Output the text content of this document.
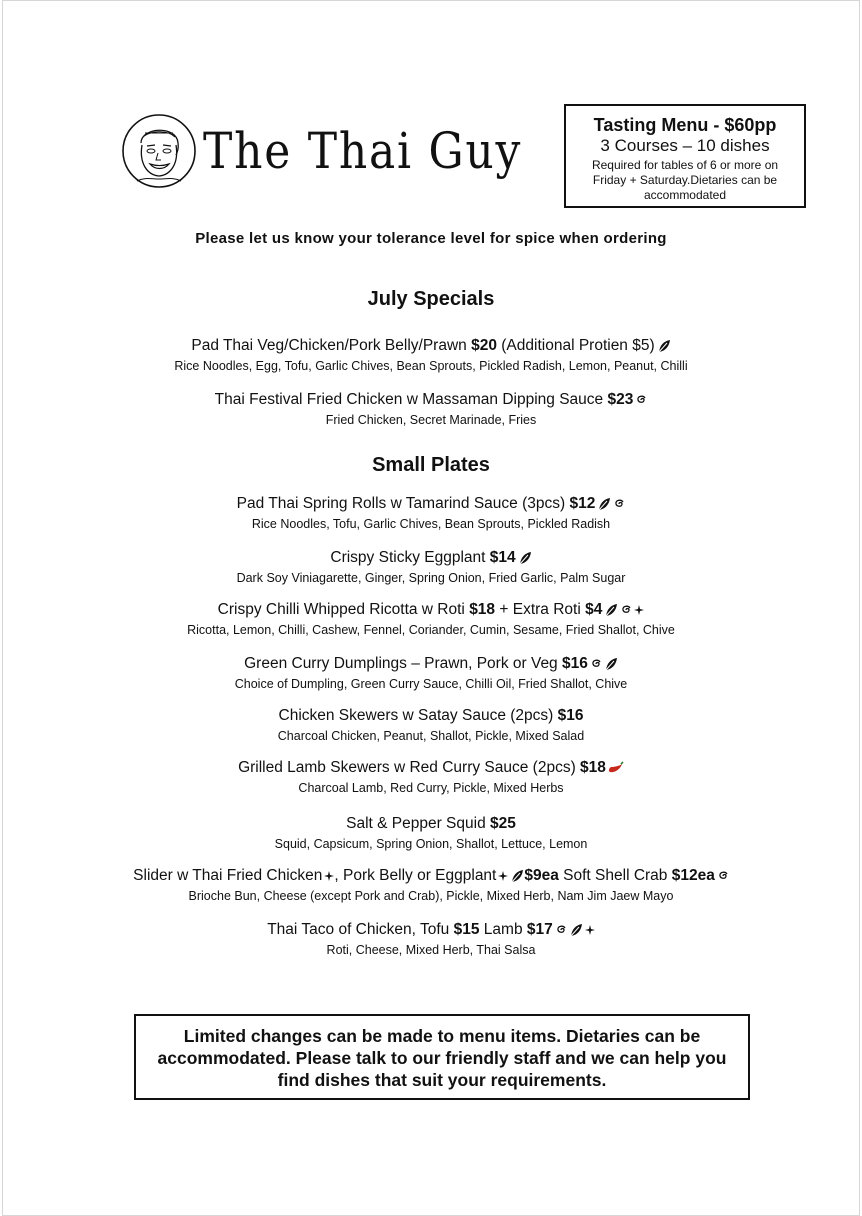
The Thai Guy	Tasting Menu - $60pp
3 Courses – 10 dishes
Required for tables of 6 or more on Friday + Saturday.Dietaries can be accommodated
Please let us know your tolerance level for spice when ordering
July Specials
Pad Thai Veg/Chicken/Pork Belly/Prawn $20 (Additional Protien $5)
Rice Noodles, Egg, Tofu, Garlic Chives, Bean Sprouts, Pickled Radish, Lemon, Peanut, Chilli
Thai Festival Fried Chicken w Massaman Dipping Sauce $23
Fried Chicken, Secret Marinade, Fries
Small Plates
Pad Thai Spring Rolls w Tamarind Sauce (3pcs) $12
Rice Noodles, Tofu, Garlic Chives, Bean Sprouts, Pickled Radish
Crispy Sticky Eggplant $14
Dark Soy Viniagarette, Ginger, Spring Onion, Fried Garlic, Palm Sugar
Crispy Chilli Whipped Ricotta w Roti $18 + Extra Roti $4
Ricotta, Lemon, Chilli, Cashew, Fennel, Coriander, Cumin, Sesame, Fried Shallot, Chive
Green Curry Dumplings – Prawn, Pork or Veg $16
Choice of Dumpling, Green Curry Sauce, Chilli Oil, Fried Shallot, Chive
Chicken Skewers w Satay Sauce (2pcs) $16
Charcoal Chicken, Peanut, Shallot, Pickle, Mixed Salad
Grilled Lamb Skewers w Red Curry Sauce (2pcs) $18
Charcoal Lamb, Red Curry, Pickle, Mixed Herbs
Salt & Pepper Squid $25
Squid, Capsicum, Spring Onion, Shallot, Lettuce, Lemon
Slider w Thai Fried Chicken , Pork Belly or Eggplant $9ea Soft Shell Crab $12ea
Brioche Bun, Cheese (except Pork and Crab), Pickle, Mixed Herb, Nam Jim Jaew Mayo
Thai Taco of Chicken, Tofu $15 Lamb $17
Roti, Cheese, Mixed Herb, Thai Salsa
Limited changes can be made to menu items. Dietaries can be accommodated. Please talk to our friendly staff and we can help you find dishes that suit your requirements.
